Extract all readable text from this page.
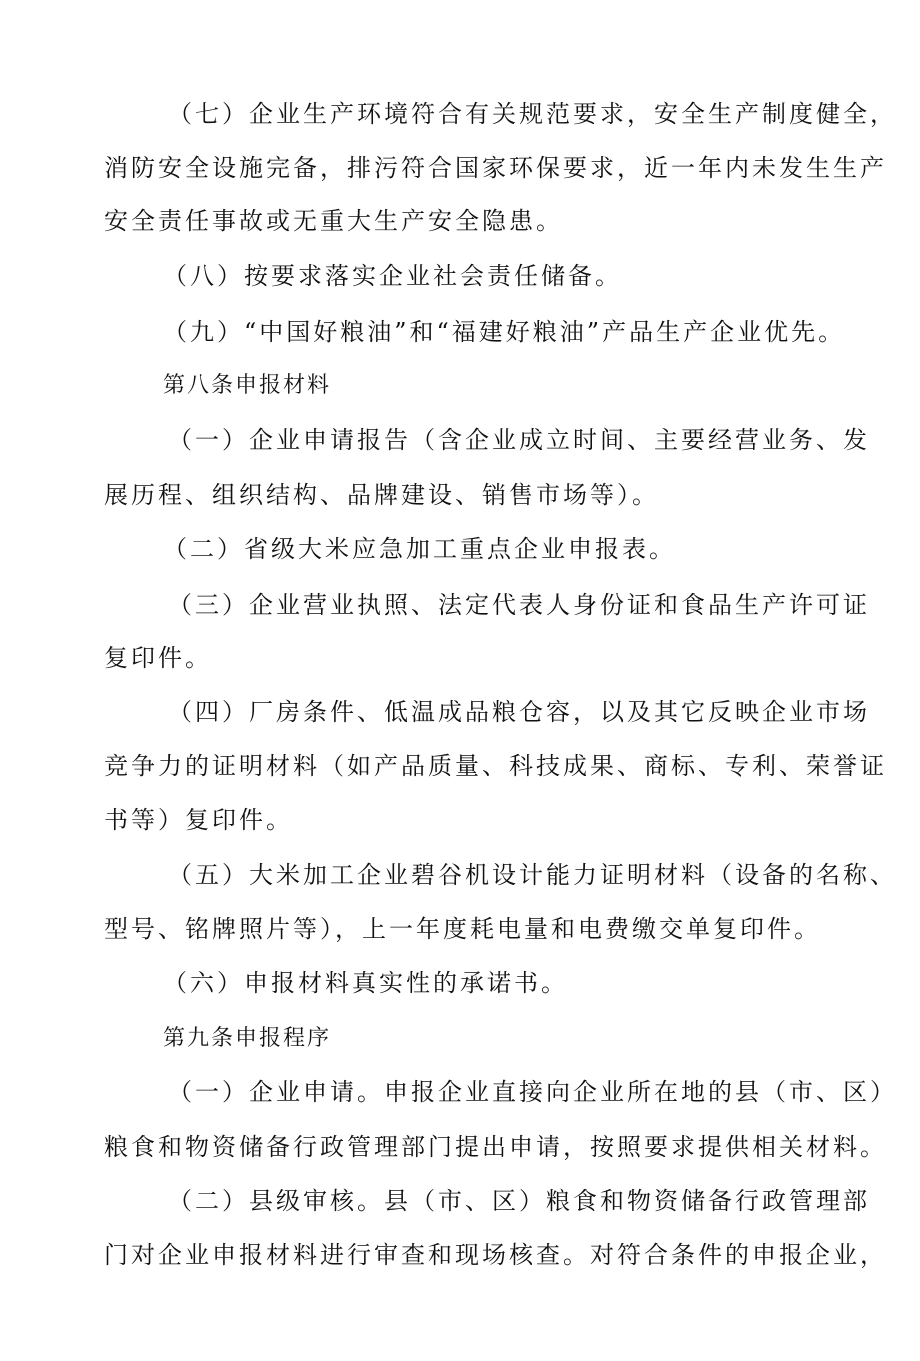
（七）企业生产环境符合有关规范要求，安全生产制度健全，
消防安全设施完备，排污符合国家环保要求，近一年内未发生生产
安全责任事故或无重大生产安全隐患。
（八）按要求落实企业社会责任储备。
（九）“中国好粮油”和“福建好粮油”产品生产企业优先。
第八条申报材料
（一）企业申请报告（含企业成立时间、主要经营业务、发
展历程、组织结构、品牌建设、销售市场等）。
（二）省级大米应急加工重点企业申报表。
（三）企业营业执照、法定代表人身份证和食品生产许可证
复印件。
（四）厂房条件、低温成品粮仓容，以及其它反映企业市场
竞争力的证明材料（如产品质量、科技成果、商标、专利、荣誉证
书等）复印件。
（五）大米加工企业碧谷机设计能力证明材料（设备的名称、
型号、铭牌照片等），上一年度耗电量和电费缴交单复印件。
（六）申报材料真实性的承诺书。
第九条申报程序
（一）企业申请。申报企业直接向企业所在地的县（市、区）
粮食和物资储备行政管理部门提出申请，按照要求提供相关材料。
（二）县级审核。县（市、区）粮食和物资储备行政管理部
门对企业申报材料进行审查和现场核查。对符合条件的申报企业，
